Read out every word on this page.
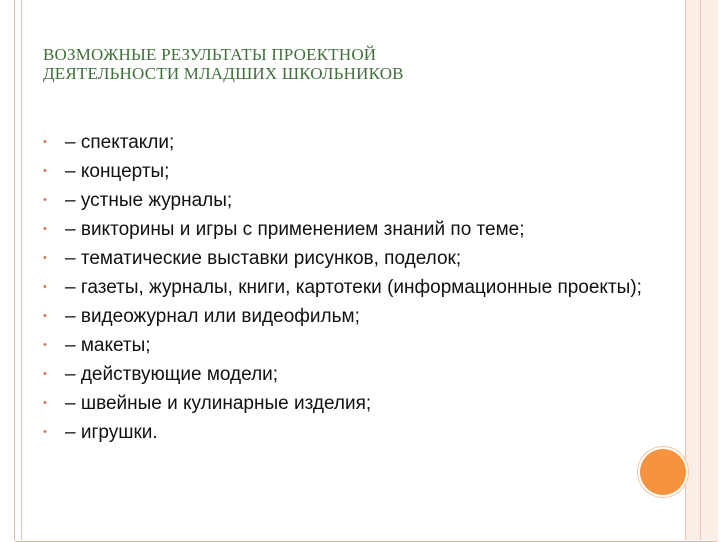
ВОЗМОЖНЫЕ РЕЗУЛЬТАТЫ ПРОЕКТНОЙ
ДЕЯТЕЛЬНОСТИ МЛАДШИХ ШКОЛЬНИКОВ
• – спектакли;
• – концерты;
• – устные журналы;
• – викторины и игры с применением знаний по теме;
• – тематические выставки рисунков, поделок;
• – газеты, журналы, книги, картотеки (информационные проекты);
• – видеожурнал или видеофильм;
• – макеты;
• – действующие модели;
• – швейные и кулинарные изделия;
• – игрушки.
